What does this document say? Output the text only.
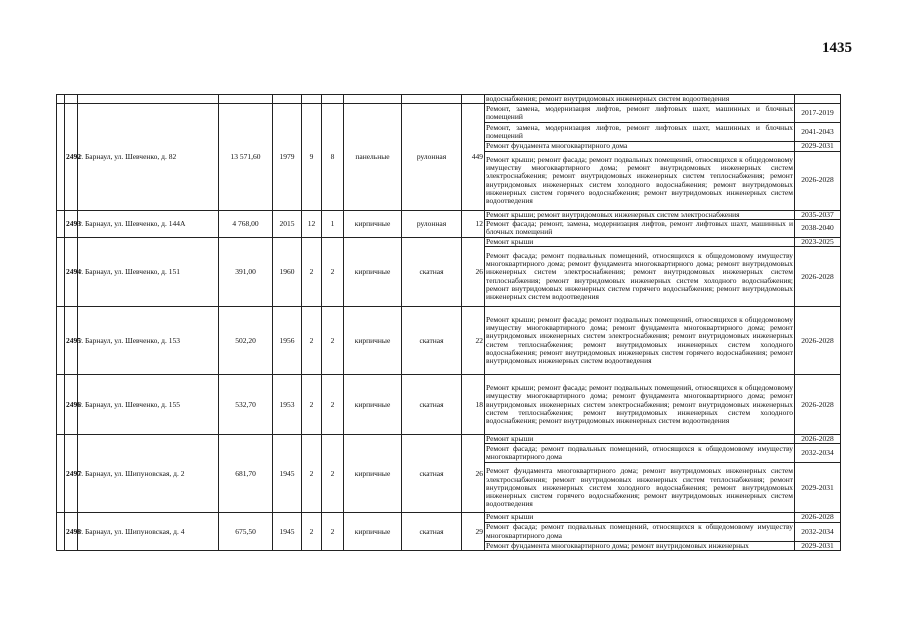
1435
										водоснабжения; ремонт внутридомовых инженерных систем водоотведения	
	2492	г. Барнаул, ул. Шевченко, д. 82	13 571,60	1979	9	8	панельные	рулонная	449	Ремонт, замена, модернизация лифтов, ремонт лифтовых шахт, машинных и блочных помещений	2017-2019
										Ремонт, замена, модернизация лифтов, ремонт лифтовых шахт, машинных и блочных помещений	2041-2043
										Ремонт фундамента многоквартирного дома	2029-2031
										Ремонт крыши; ремонт фасада; ремонт подвальных помещений, относящихся к общедомовому имуществу многоквартирного дома; ремонт внутридомовых инженерных систем электроснабжения; ремонт внутридомовых инженерных систем теплоснабжения; ремонт внутридомовых инженерных систем холодного водоснабжения; ремонт внутридомовых инженерных систем горячего водоснабжения; ремонт внутридомовых инженерных систем водоотведения	2026-2028
	2493	г. Барнаул, ул. Шевченко, д. 144А	4 768,00	2015	12	1	кирпичные	рулонная	12	Ремонт крыши; ремонт внутридомовых инженерных систем электроснабжения	2035-2037
										Ремонт фасада; ремонт, замена, модернизация лифтов, ремонт лифтовых шахт, машинных и блочных помещений	2038-2040
	2494	г. Барнаул, ул. Шевченко, д. 151	391,00	1960	2	2	кирпичные	скатная	26	Ремонт крыши	2023-2025
										Ремонт фасада; ремонт подвальных помещений, относящихся к общедомовому имуществу многоквартирного дома; ремонт фундамента многоквартирного дома; ремонт внутридомовых инженерных систем электроснабжения; ремонт внутридомовых инженерных систем теплоснабжения; ремонт внутридомовых инженерных систем холодного водоснабжения; ремонт внутридомовых инженерных систем горячего водоснабжения; ремонт внутридомовых инженерных систем водоотведения	2026-2028
	2495	г. Барнаул, ул. Шевченко, д. 153	502,20	1956	2	2	кирпичные	скатная	22	Ремонт крыши; ремонт фасада; ремонт подвальных помещений, относящихся к общедомовому имуществу многоквартирного дома; ремонт фундамента многоквартирного дома; ремонт внутридомовых инженерных систем электроснабжения; ремонт внутридомовых инженерных систем теплоснабжения; ремонт внутридомовых инженерных систем холодного водоснабжения; ремонт внутридомовых инженерных систем горячего водоснабжения; ремонт внутридомовых инженерных систем водоотведения	2026-2028
	2496	г. Барнаул, ул. Шевченко, д. 155	532,70	1953	2	2	кирпичные	скатная	18	Ремонт крыши; ремонт фасада; ремонт подвальных помещений, относящихся к общедомовому имуществу многоквартирного дома; ремонт фундамента многоквартирного дома; ремонт внутридомовых инженерных систем электроснабжения; ремонт внутридомовых инженерных систем теплоснабжения; ремонт внутридомовых инженерных систем холодного водоснабжения; ремонт внутридомовых инженерных систем водоотведения	2026-2028
	2497	г. Барнаул, ул. Шипуновская, д. 2	681,70	1945	2	2	кирпичные	скатная	26	Ремонт крыши	2026-2028
										Ремонт фасада; ремонт подвальных помещений, относящихся к общедомовому имуществу многоквартирного дома	2032-2034
										Ремонт фундамента многоквартирного дома; ремонт внутридомовых инженерных систем электроснабжения; ремонт внутридомовых инженерных систем теплоснабжения; ремонт внутридомовых инженерных систем холодного водоснабжения; ремонт внутридомовых инженерных систем горячего водоснабжения; ремонт внутридомовых инженерных систем водоотведения	2029-2031
	2498	г. Барнаул, ул. Шипуновская, д. 4	675,50	1945	2	2	кирпичные	скатная	29	Ремонт крыши	2026-2028
										Ремонт фасада; ремонт подвальных помещений, относящихся к общедомовому имуществу многоквартирного дома	2032-2034
										Ремонт фундамента многоквартирного дома; ремонт внутридомовых инженерных	2029-2031
